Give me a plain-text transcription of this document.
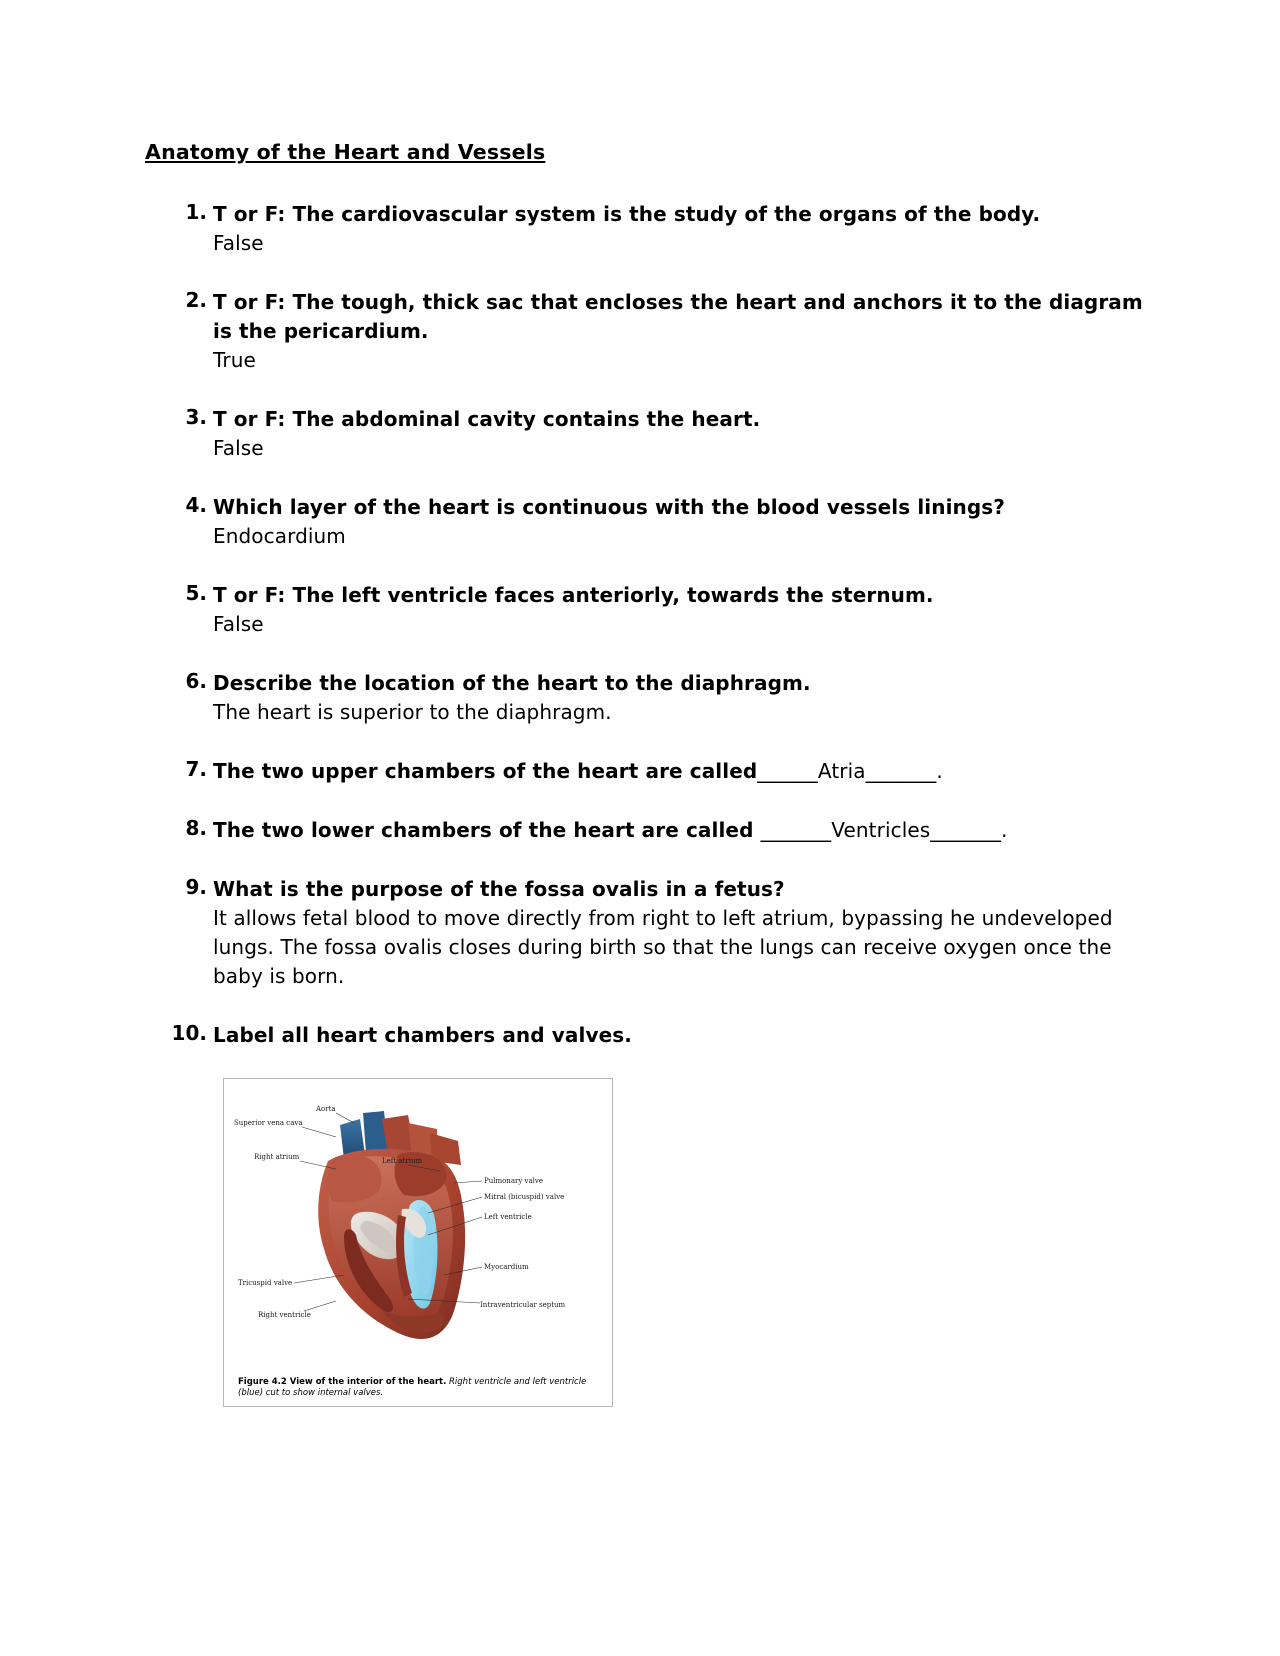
Anatomy of the Heart and Vessels
T or F: The cardiovascular system is the study of the organs of the body.
False
T or F: The tough, thick sac that encloses the heart and anchors it to the diagram is the pericardium.
True
T or F: The abdominal cavity contains the heart.
False
Which layer of the heart is continuous with the blood vessels linings?
Endocardium
T or F: The left ventricle faces anteriorly, towards the sternum.
False
Describe the location of the heart to the diaphragm.
The heart is superior to the diaphragm.
The two upper chambers of the heart are called______Atria_______.
The two lower chambers of the heart are called _______Ventricles_______.
What is the purpose of the fossa ovalis in a fetus?
It allows fetal blood to move directly from right to left atrium, bypassing he undeveloped lungs. The fossa ovalis closes during birth so that the lungs can receive oxygen once the baby is born.
Label all heart chambers and valves.
Superior vena cava
Aorta
Right atrium	Left atrium
Pulmonary valve
Mitral (bicuspid) valve
Left ventricle
Myocardium
Tricuspid valve
Intraventricular septum
Right ventricle
Figure 4.2 View of the interior of the heart. Right ventricle and left ventricle (blue) cut to show internal valves.
